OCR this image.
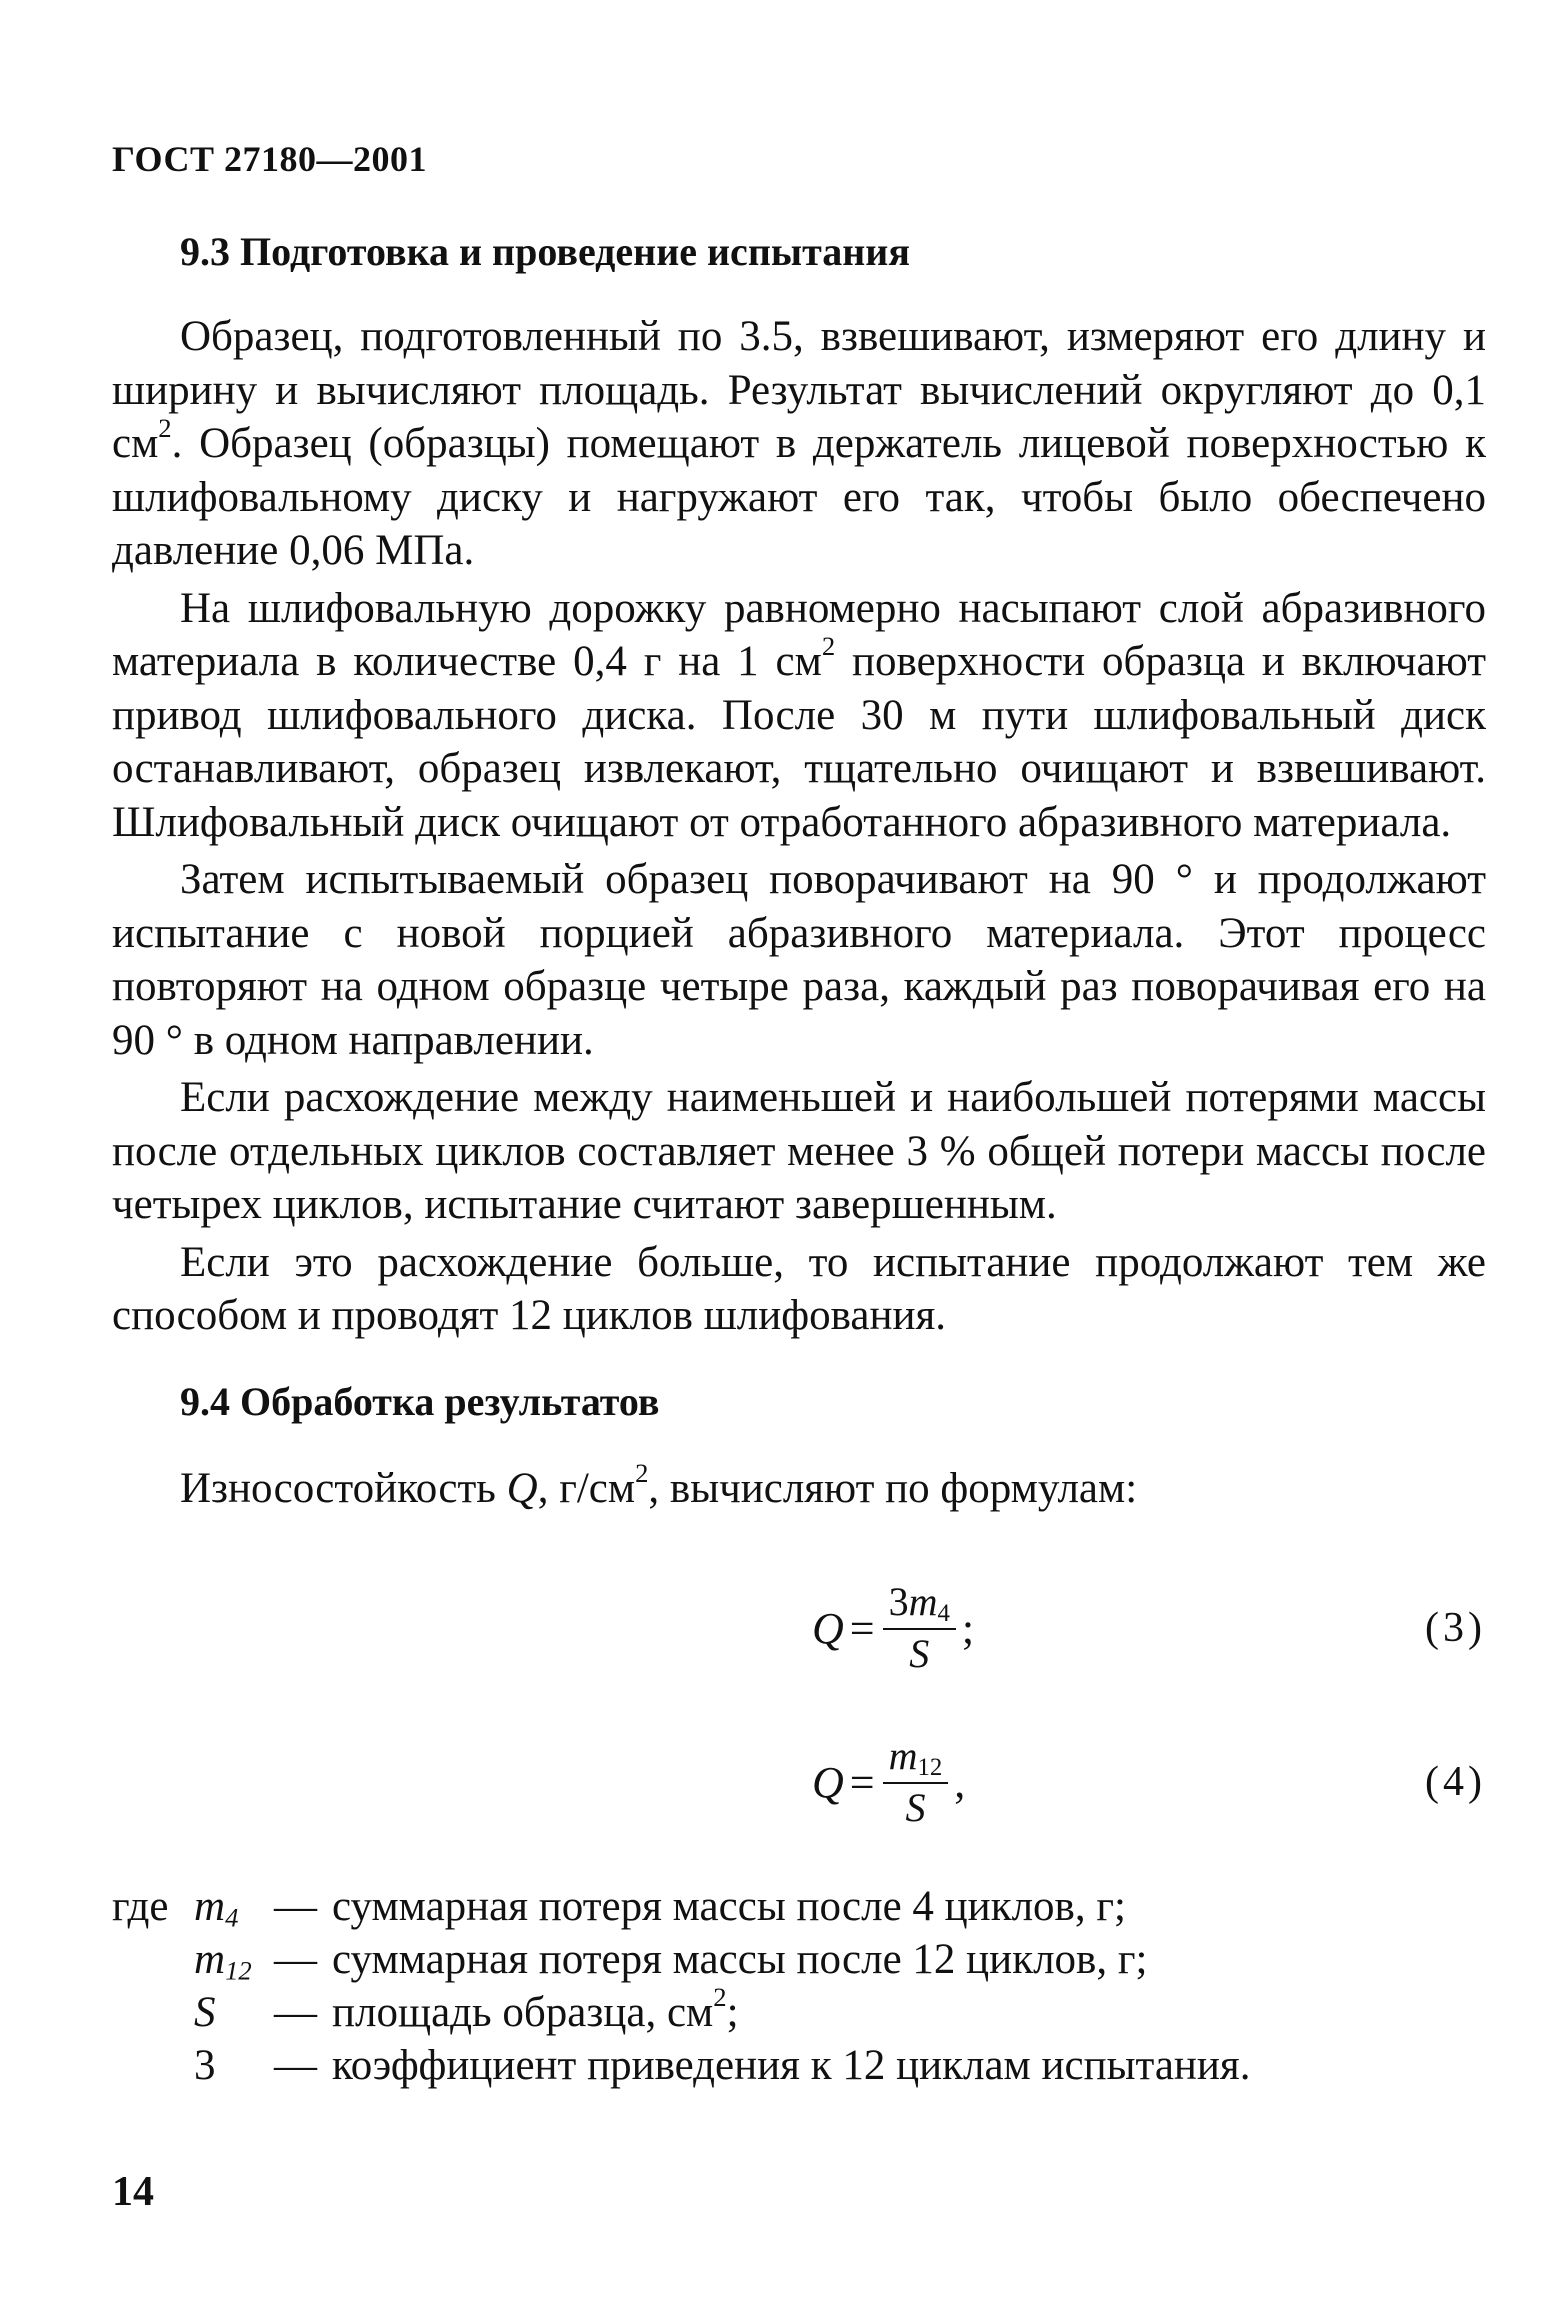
ГОСТ 27180—2001
9.3 Подготовка и проведение испытания

Образец, подготовленный по 3.5, взвешивают, измеряют его длину и ширину и вычисляют площадь. Результат вычислений округляют до 0,1 $см^2$. Образец (образцы) помещают в держатель лицевой поверхностью к шлифовальному диску и нагружают его так, чтобы было обеспечено давление 0,06 МПа.

На шлифовальную дорожку равномерно насыпают слой абразивного материала в количестве 0,4 г на 1 $см^2$ поверхности образца и включают привод шлифовального диска. После 30 м пути шлифовальный диск останавливают, образец извлекают, тщательно очищают и взвешивают. Шлифовальный диск очищают от отработанного абразивного материала.

Затем испытываемый образец поворачивают на 90 ° и продолжают испытание с новой порцией абразивного материала. Этот процесс повторяют на одном образце четыре раза, каждый раз поворачивая его на 90 ° в одном направлении.

Если расхождение между наименьшей и наибольшей потерями массы после отдельных циклов составляет менее 3 % общей потери массы после четырех циклов, испытание считают завершенным.

Если это расхождение больше, то испытание продолжают тем же способом и проводят 12 циклов шлифования.

9.4 Обработка результатов
Износостойкость Q, $г/см^2$, вычисляют по формулам:
$Q = \frac{3m_4}{S}$ ;	(3)
$Q = \frac{m_{12}}{S}$ ,	(4)
где $m_4$ — суммарная потеря массы после 4 циклов, г;
$m_{12}$ — суммарная потеря массы после 12 циклов, г;
S	— площадь образца, $см^2$;
3	— коэффициент приведения к 12 циклам испытания.
14
